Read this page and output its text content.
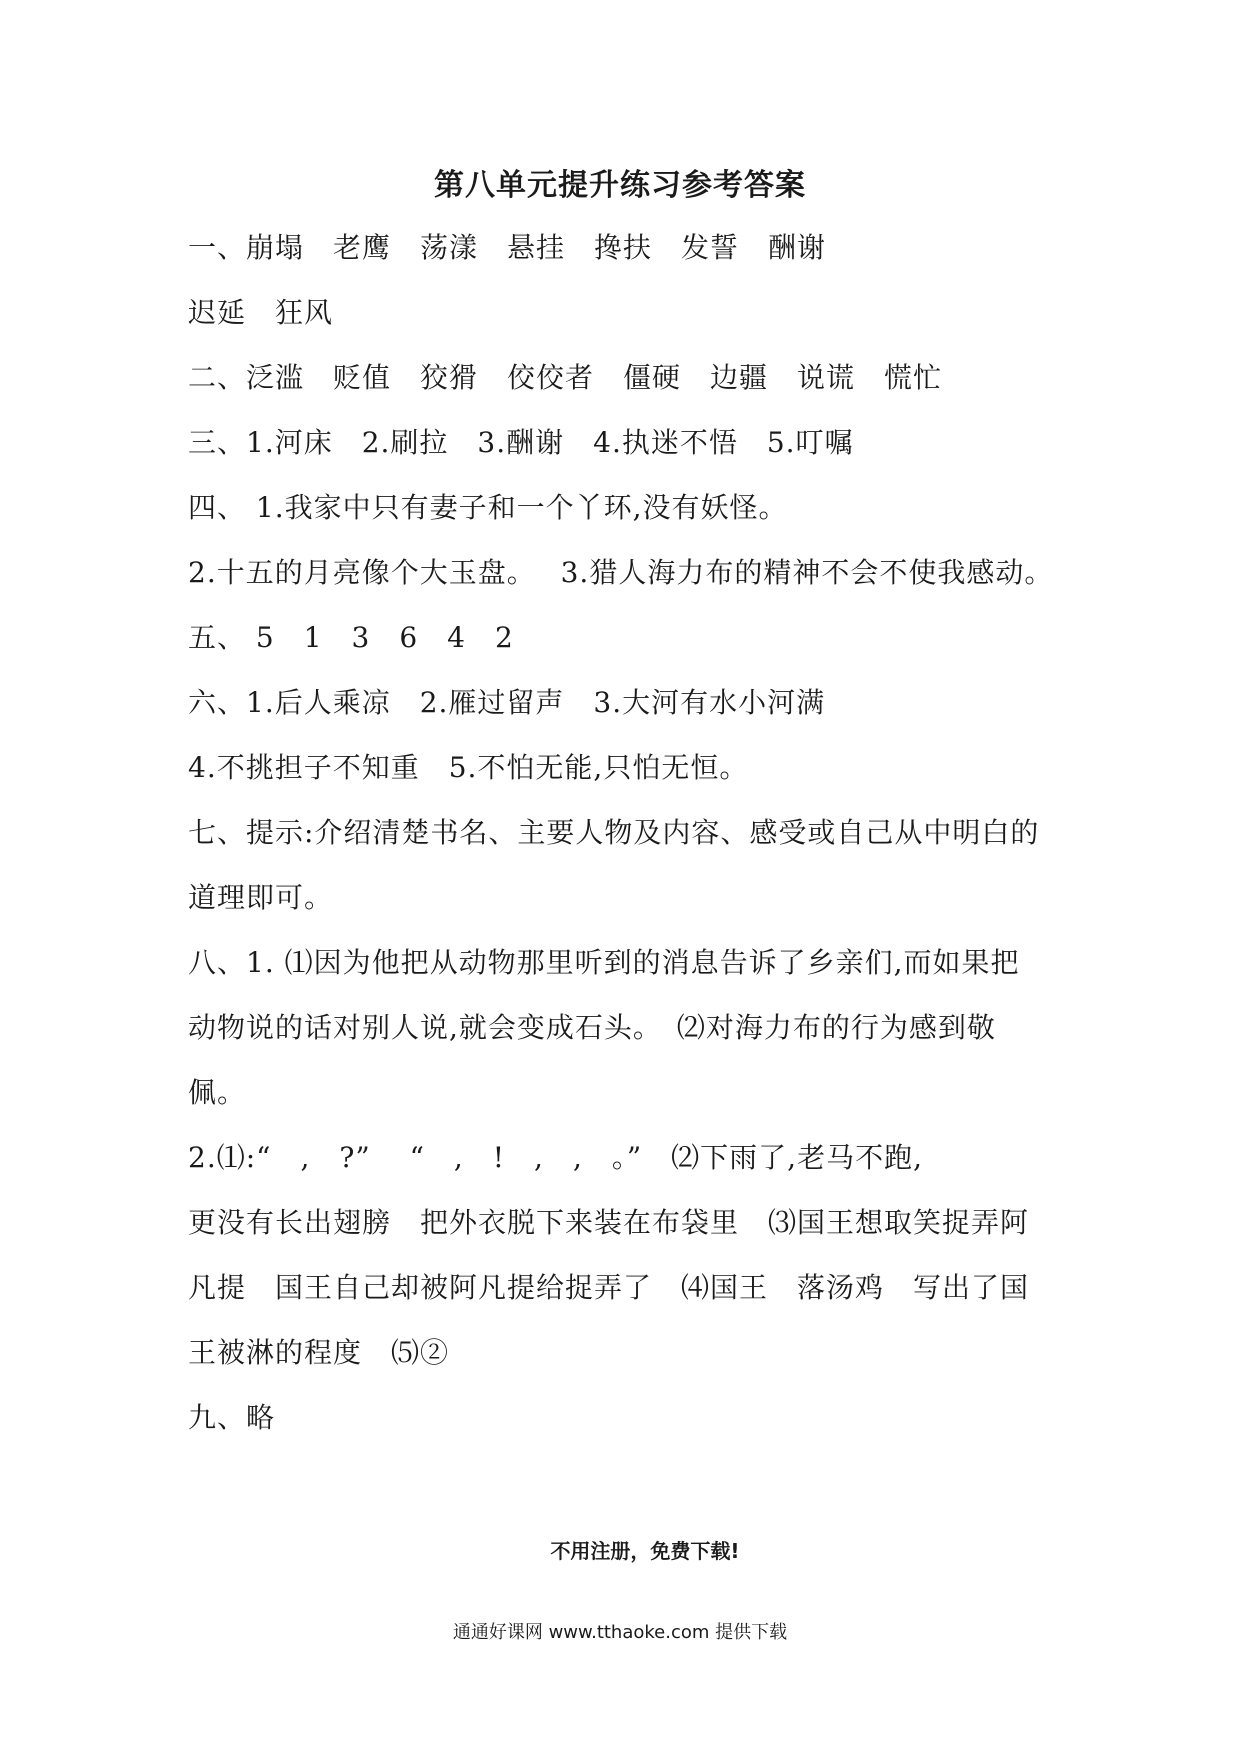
第八单元提升练习参考答案
一、崩塌　老鹰　荡漾　悬挂　搀扶　发誓　酬谢
迟延　狂风
二、泛滥　贬值　狡猾　佼佼者　僵硬　边疆　说谎　慌忙
三、1.河床　2.刷拉　3.酬谢　4.执迷不悟　5.叮嘱
四、 1.我家中只有妻子和一个丫环,没有妖怪。
2.十五的月亮像个大玉盘。　 3.猎人海力布的精神不会不使我感动。
五、 5　1　3　6　4　2
六、1.后人乘凉　2.雁过留声　3.大河有水小河满
4.不挑担子不知重　5.不怕无能,只怕无恒。
七、提示:介绍清楚书名、主要人物及内容、感受或自己从中明白的
道理即可。
八、1. ⑴因为他把从动物那里听到的消息告诉了乡亲们,而如果把
动物说的话对别人说,就会变成石头。　⑵对海力布的行为感到敬
佩。
2.⑴:“　,　?”　 “　,　!　,　,　。”　⑵下雨了,老马不跑,
更没有长出翅膀　把外衣脱下来装在布袋里　⑶国王想取笑捉弄阿
凡提　国王自己却被阿凡提给捉弄了　⑷国王　落汤鸡　写出了国
王被淋的程度　⑸②
九、略
不用注册，免费下载!
通通好课网 www.tthaoke.com 提供下载
